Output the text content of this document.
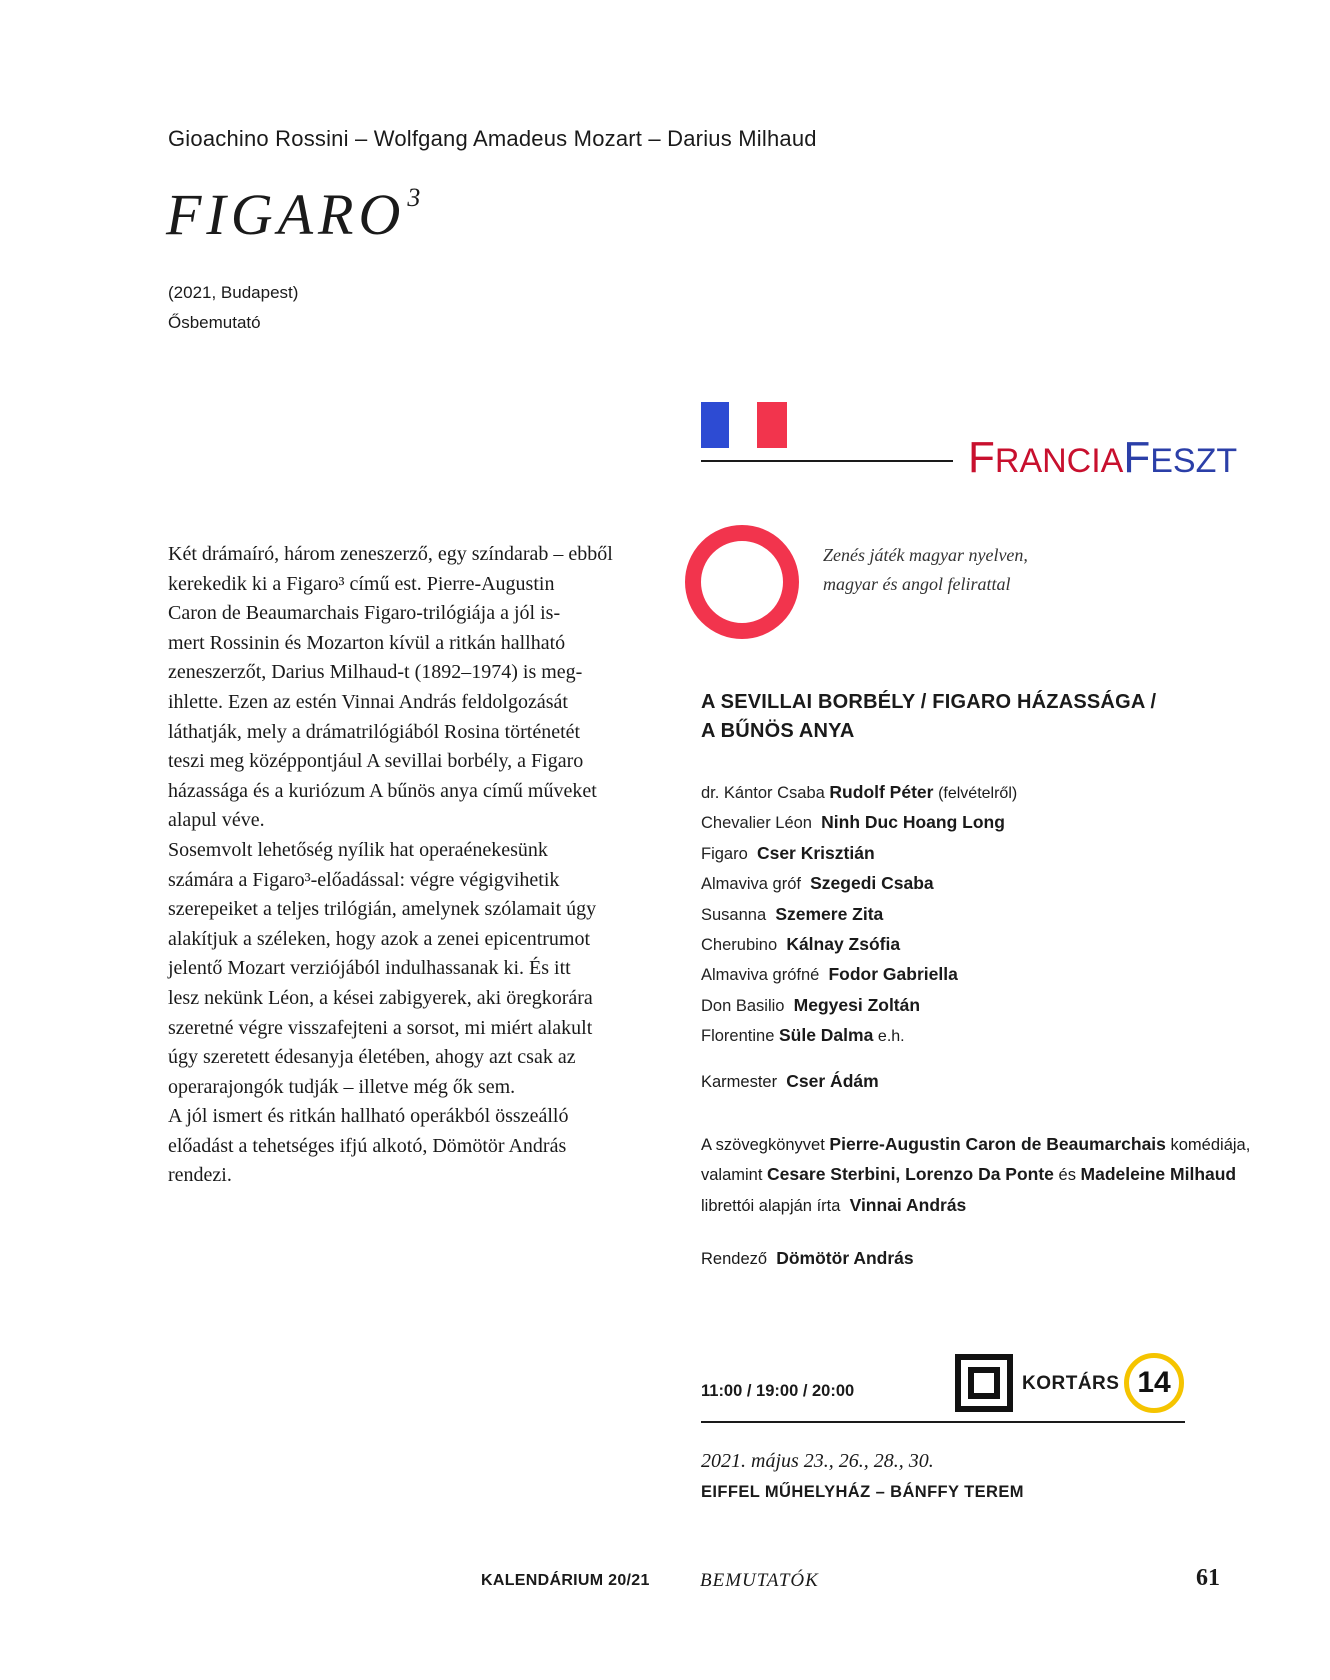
Gioachino Rossini – Wolfgang Amadeus Mozart – Darius Milhaud
FIGARO$^3$
(2021, Budapest)
Ősbemutató
FRANCIAFESZT
Zenés játék magyar nyelven,
magyar és angol felirattal
Két drámaíró, három zeneszerző, egy színdarab – ebből
kerekedik ki a Figaro³ című est. Pierre-Augustin
Caron de Beaumarchais Figaro-trilógiája a jól is-
mert Rossinin és Mozarton kívül a ritkán hallható
zeneszerzőt, Darius Milhaud-t (1892–1974) is meg-
ihlette. Ezen az estén Vinnai András feldolgozását
láthatják, mely a drámatrilógiából Rosina történetét
teszi meg középpontjául A sevillai borbély, a Figaro
házassága és a kuriózum A bűnös anya című műveket
alapul véve.
Sosemvolt lehetőség nyílik hat operaénekesünk
számára a Figaro³-előadással: végre végigvihetik
szerepeiket a teljes trilógián, amelynek szólamait úgy
alakítjuk a széleken, hogy azok a zenei epicentrumot
jelentő Mozart verziójából indulhassanak ki. És itt
lesz nekünk Léon, a kései zabigyerek, aki öregkorára
szeretné végre visszafejteni a sorsot, mi miért alakult
úgy szeretett édesanyja életében, ahogy azt csak az
operarajongók tudják – illetve még ők sem.
A jól ismert és ritkán hallható operákból összeálló
előadást a tehetséges ifjú alkotó, Dömötör András
rendezi.
A SEVILLAI BORBÉLY / FIGARO HÁZASSÁGA /
A BŰNÖS ANYA
dr. Kántor Csaba Rudolf Péter (felvételről)
Chevalier Léon Ninh Duc Hoang Long
Figaro Cser Krisztián
Almaviva gróf Szegedi Csaba
Susanna Szemere Zita
Cherubino Kálnay Zsófia
Almaviva grófné Fodor Gabriella
Don Basilio Megyesi Zoltán
Florentine Süle Dalma e.h.
Karmester Cser Ádám
A szövegkönyvet Pierre-Augustin Caron de Beaumarchais komédiája,
valamint Cesare Sterbini, Lorenzo Da Ponte és Madeleine Milhaud
librettói alapján írta Vinnai András
Rendező Dömötör András
11:00 / 19:00 / 20:00	KORTÁRS 14
2021. május 23., 26., 28., 30.
EIFFEL MŰHELYHÁZ – BÁNFFY TEREM
KALENDÁRIUM 20/21	BEMUTATÓK	61
